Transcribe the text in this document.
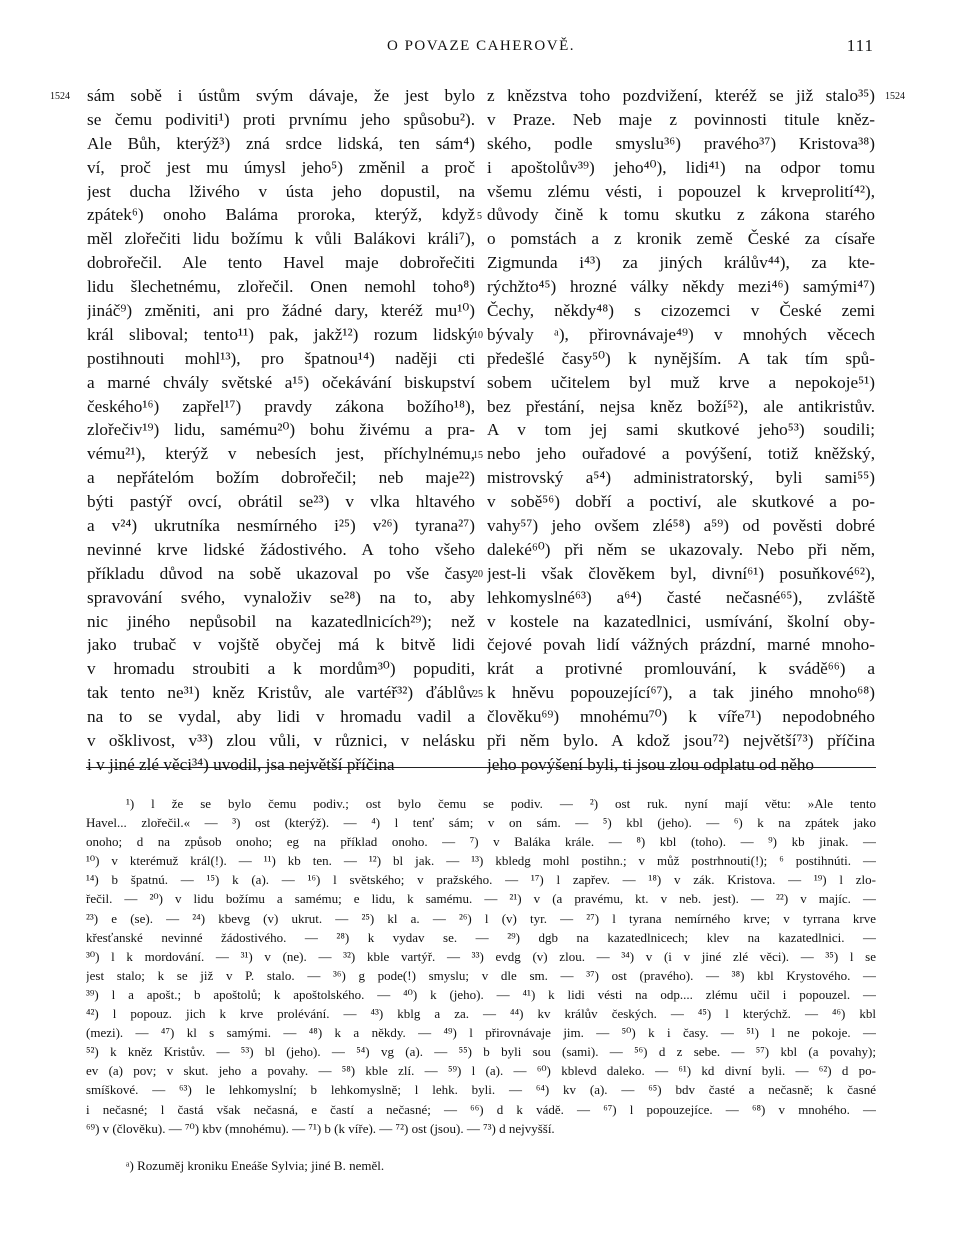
O POVAZE CAHEROVĚ.	111
1524	1524
5
10
15
20
25
sám sobě i ústům svým dávaje, že jest bylo
se čemu podiviti¹) proti prvnímu jeho spůsobu²).
Ale Bůh, kterýž³) zná srdce lidská, ten sám⁴)
ví, proč jest mu úmysl jeho⁵) změnil a proč
jest ducha lživého v ústa jeho dopustil, na
zpátek⁶) onoho Baláma proroka, kterýž, když
měl zlořečiti lidu božímu k vůli Balákovi králi⁷),
dobrořečil. Ale tento Havel maje dobrořečiti
lidu šlechetnému, zlořečil. Onen nemohl toho⁸)
jináč⁹) změniti, ani pro žádné dary, kteréž mu¹⁰)
král sliboval; tento¹¹) pak, jakž¹²) rozum lidský
postihnouti mohl¹³), pro špatnou¹⁴) naději cti
a marné chvály světské a¹⁵) očekávání biskupství
českého¹⁶) zapřel¹⁷) pravdy zákona božího¹⁸),
zlořečiv¹⁹) lidu, samému²⁰) bohu živému a pra-
vému²¹), kterýž v nebesích jest, příchylnému,
a nepřátelóm božím dobrořečil; neb maje²²)
býti pastýř ovcí, obrátil se²³) v vlka hltavého
a v²⁴) ukrutníka nesmírného i²⁵) v²⁶) tyrana²⁷)
nevinné krve lidské žádostivého. A toho všeho
příkladu důvod na sobě ukazoval po vše časy
spravování svého, vynaloživ se²⁸) na to, aby
nic jiného nepůsobil na kazatedlnicích²⁹); než
jako trubač v vojště obyčej má k bitvě lidi
v hromadu stroubiti a k mordům³⁰) popuditi,
tak tento ne³¹) kněz Kristův, ale vartéř³²) ďáblův
na to se vydal, aby lidi v hromadu vadil a
v ošklivost, v³³) zlou vůli, v různici, v nelásku
i v jiné zlé věci³⁴) uvodil, jsa největší příčina
z knězstva toho pozdvižení, kteréž se již stalo³⁵)
v Praze. Neb maje z povinnosti titule kněz-
ského, podle smyslu³⁶) pravého³⁷) Kristova³⁸)
i apoštolův³⁹) jeho⁴⁰), lidi⁴¹) na odpor tomu
všemu zlému vésti, i popouzel k krveprolití⁴²),
důvody čině k tomu skutku z zákona starého
o pomstách a z kronik země České za císaře
Zigmunda i⁴³) za jiných králův⁴⁴), za kte-
rýchžto⁴⁵) hrozné války někdy mezi⁴⁶) samými⁴⁷)
Čechy, někdy⁴⁸) s cizozemci v České zemi
bývaly ᵃ), přirovnávaje⁴⁹) v mnohých věcech
předešlé časy⁵⁰) k nynějším. A tak tím spů-
sobem učitelem byl muž krve a nepokoje⁵¹)
bez přestání, nejsa kněz boží⁵²), ale antikristův.
A v tom jej sami skutkové jeho⁵³) soudili;
nebo jeho ouřadové a povýšení, totiž kněžský,
mistrovský a⁵⁴) administratorský, byli sami⁵⁵)
v sobě⁵⁶) dobří a poctiví, ale skutkové a po-
vahy⁵⁷) jeho ovšem zlé⁵⁸) a⁵⁹) od pověsti dobré
daleké⁶⁰) při něm se ukazovaly. Nebo při něm,
jest-li však člověkem byl, divní⁶¹) posuňkové⁶²),
lehkomyslné⁶³) a⁶⁴) časté nečasné⁶⁵), zvláště
v kostele na kazatedlnici, usmívání, školní oby-
čejové povah lidí vážných prázdní, marné mnoho-
krát a protivné promlouvání, k svádě⁶⁶) a
k hněvu popouzející⁶⁷), a tak jiného mnoho⁶⁸)
člověku⁶⁹) mnohému⁷⁰) k víře⁷¹) nepodobného
při něm bylo. A kdož jsou⁷²) největší⁷³) příčina
jeho povýšení byli, ti jsou zlou odplatu od něho
¹) l že se bylo čemu podiv.; ost bylo čemu se podiv. — ²) ost ruk. nyní mají větu: »Ale tento
Havel... zlořečil.« — ³) ost (kterýž). — ⁴) l tenť sám; v on sám. — ⁵) kbl (jeho). — ⁶) k na zpátek jako
onoho; d na způsob onoho; eg na příklad onoho. — ⁷) v Baláka krále. — ⁸) kbl (toho). — ⁹) kb jinak. —
¹⁰) v kterémuž král(!). — ¹¹) kb ten. — ¹²) bl jak. — ¹³) kbledg mohl postihn.; v můž postrhnouti(!); ⁶ postihnúti. —
¹⁴) b špatnú. — ¹⁵) k (a). — ¹⁶) l světského; v pražského. — ¹⁷) l zapřev. — ¹⁸) v zák. Kristova. — ¹⁹) l zlo-
řečil. — ²⁰) v lidu božímu a samému; e lidu, k samému. — ²¹) v (a pravému, kt. v neb. jest). — ²²) v majíc. —
²³) e (se). — ²⁴) kbevg (v) ukrut. — ²⁵) kl a. — ²⁶) l (v) tyr. — ²⁷) l tyrana nemírného krve; v tyrrana krve
křesťanské nevinné žádostivého. — ²⁸) k vydav se. — ²⁹) dgb na kazatedlnicech; klev na kazatedlnici. —
³⁰) l k mordování. — ³¹) v (ne). — ³²) kble vartýř. — ³³) evdg (v) zlou. — ³⁴) v (i v jiné zlé věci). — ³⁵) l se
jest stalo; k se již v P. stalo. — ³⁶) g pode(!) smyslu; v dle sm. — ³⁷) ost (pravého). — ³⁸) kbl Krystového. —
³⁹) l a apošt.; b apoštolů; k apoštolského. — ⁴⁰) k (jeho). — ⁴¹) k lidi vésti na odp.... zlému učil i popouzel. —
⁴²) l popouz. jich k krve prolévání. — ⁴³) kblg a za. — ⁴⁴) kv králův českých. — ⁴⁵) l kterýchž. — ⁴⁶) kbl
(mezi). — ⁴⁷) kl s samými. — ⁴⁸) k a někdy. — ⁴⁹) l přirovnávaje jim. — ⁵⁰) k i časy. — ⁵¹) l ne pokoje. —
⁵²) k kněz Kristův. — ⁵³) bl (jeho). — ⁵⁴) vg (a). — ⁵⁵) b byli sou (sami). — ⁵⁶) d z sebe. — ⁵⁷) kbl (a povahy);
ev (a) pov; v skut. jeho a povahy. — ⁵⁸) kble zlí. — ⁵⁹) l (a). — ⁶⁰) kblevd daleko. — ⁶¹) kd divní byli. — ⁶²) d po-
smíškové. — ⁶³) le lehkomyslní; b lehkomyslně; l lehk. byli. — ⁶⁴) kv (a). — ⁶⁵) bdv časté a nečasně; k časné
i nečasné; l častá však nečasná, e častí a nečasné; — ⁶⁶) d k vádě. — ⁶⁷) l popouzejíce. — ⁶⁸) v mnohého. —
⁶⁹) v (člověku). — ⁷⁰) kbv (mnohému). — ⁷¹) b (k víře). — ⁷²) ost (jsou). — ⁷³) d nejvyšší.
ᵃ) Rozuměj kroniku Eneáše Sylvia; jiné B. neměl.
